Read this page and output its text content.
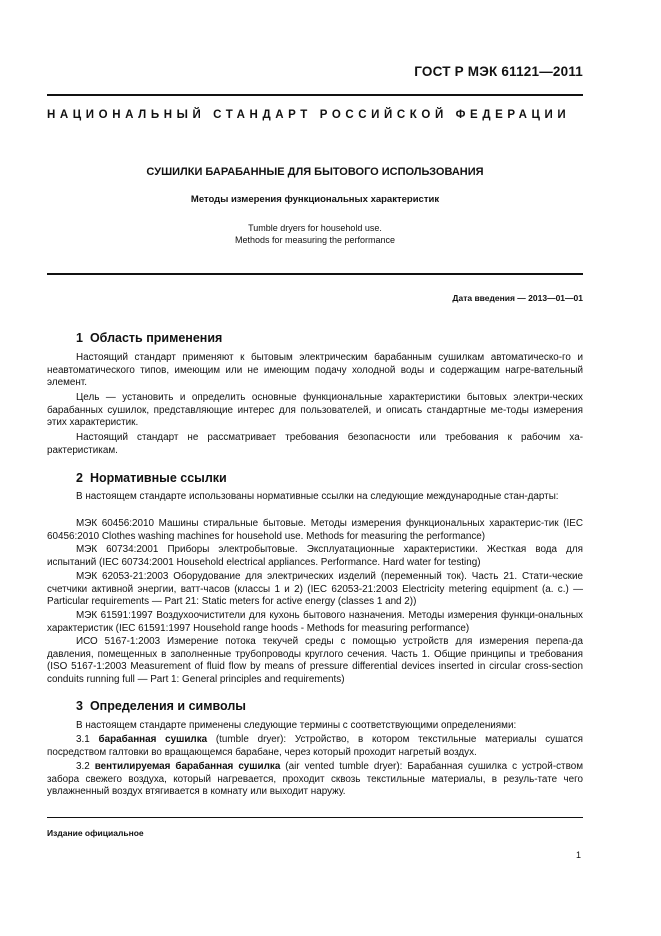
ГОСТ Р МЭК 61121—2011
НАЦИОНАЛЬНЫЙ СТАНДАРТ РОССИЙСКОЙ ФЕДЕРАЦИИ
СУШИЛКИ БАРАБАННЫЕ ДЛЯ БЫТОВОГО ИСПОЛЬЗОВАНИЯ
Методы измерения функциональных характеристик
Tumble dryers for household use.
Methods for measuring the performance
Дата введения — 2013—01—01
1 Область применения
Настоящий стандарт применяют к бытовым электрическим барабанным сушилкам автоматическо-го и неавтоматического типов, имеющим или не имеющим подачу холодной воды и содержащим нагре-вательный элемент.
Цель — установить и определить основные функциональные характеристики бытовых электри-ческих барабанных сушилок, представляющие интерес для пользователей, и описать стандартные ме-тоды измерения этих характеристик.
Настоящий стандарт не рассматривает требования безопасности или требования к рабочим ха-рактеристикам.
2 Нормативные ссылки
В настоящем стандарте использованы нормативные ссылки на следующие международные стан-дарты:
МЭК 60456:2010 Машины стиральные бытовые. Методы измерения функциональных характерис-тик (IEC 60456:2010 Clothes washing machines for household use. Methods for measuring the performance)
МЭК 60734:2001 Приборы электробытовые. Эксплуатационные характеристики. Жесткая вода для испытаний (IEC 60734:2001 Household electrical appliances. Performance. Hard water for testing)
МЭК 62053-21:2003 Оборудование для электрических изделий (переменный ток). Часть 21. Стати-ческие счетчики активной энергии, ватт-часов (классы 1 и 2) (IEC 62053-21:2003 Electricity metering equipment (a. c.) — Particular requirements — Part 21: Static meters for active energy (classes 1 and 2))
МЭК 61591:1997 Воздухоочистители для кухонь бытового назначения. Методы измерения функци-ональных характеристик (IEC 61591:1997 Household range hoods - Methods for measuring performance)
ИСО 5167-1:2003 Измерение потока текучей среды с помощью устройств для измерения перепа-да давления, помещенных в заполненные трубопроводы круглого сечения. Часть 1. Общие принципы и требования (ISO 5167-1:2003 Measurement of fluid flow by means of pressure differential devices inserted in circular cross-section conduits running full — Part 1: General principles and requirements)
3 Определения и символы
В настоящем стандарте применены следующие термины с соответствующими определениями:
3.1 барабанная сушилка (tumble dryer): Устройство, в котором текстильные материалы сушатся посредством галтовки во вращающемся барабане, через который проходит нагретый воздух.
3.2 вентилируемая барабанная сушилка (air vented tumble dryer): Барабанная сушилка с устрой-ством забора свежего воздуха, который нагревается, проходит сквозь текстильные материалы, в резуль-тате чего увлажненный воздух втягивается в комнату или выходит наружу.
Издание официальное
1
